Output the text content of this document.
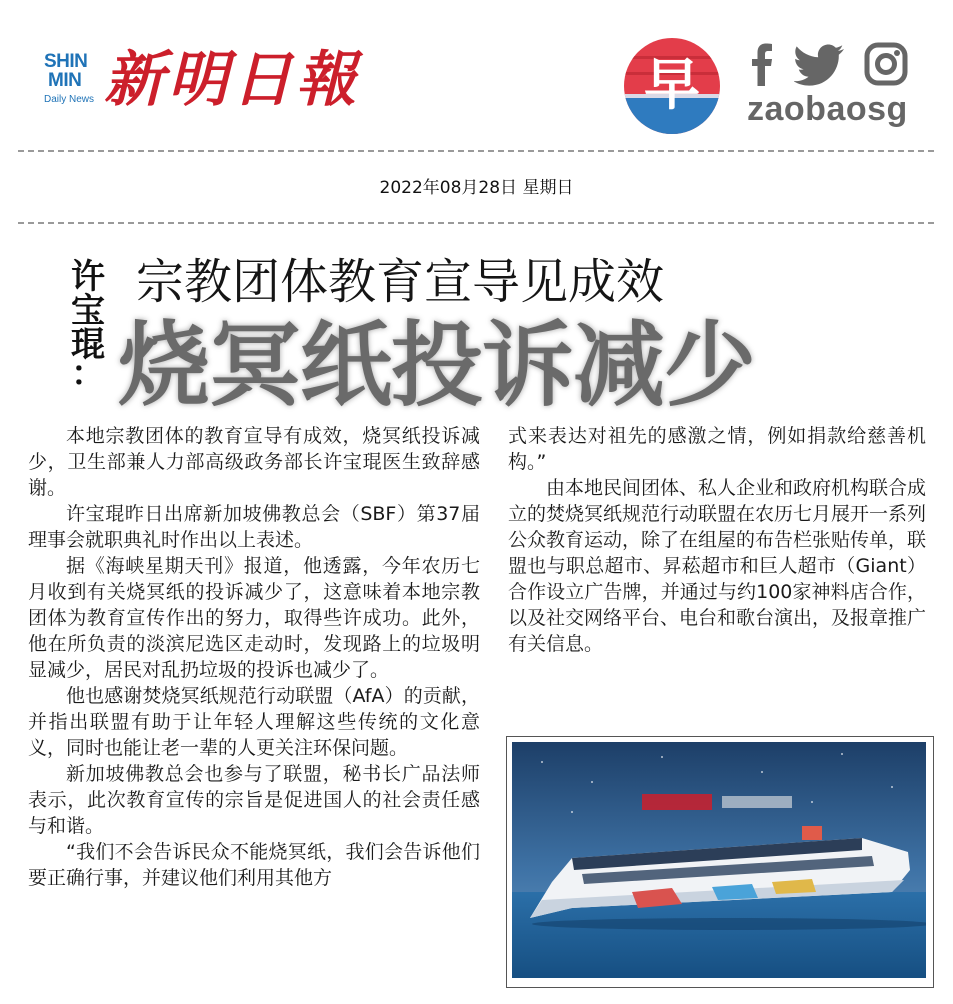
SHIN
MIN
Daily News 新明日報	早	zaobaosg
2022年08月28日 星期日
许
宝
琨
：
宗教团体教育宣导见成效
烧冥纸投诉减少

本地宗教团体的教育宣导有成效，烧冥纸投诉减少，卫生部兼人力部高级政务部长许宝琨医生致辞感谢。

许宝琨昨日出席新加坡佛教总会（SBF）第37届理事会就职典礼时作出以上表述。

据《海峡星期天刊》报道，他透露，今年农历七月收到有关烧冥纸的投诉减少了，这意味着本地宗教团体为教育宣传作出的努力，取得些许成功。此外，他在所负责的淡滨尼选区走动时，发现路上的垃圾明显减少，居民对乱扔垃圾的投诉也减少了。

他也感谢焚烧冥纸规范行动联盟（AfA）的贡献，并指出联盟有助于让年轻人理解这些传统的文化意义，同时也能让老一辈的人更关注环保问题。

新加坡佛教总会也参与了联盟，秘书长广品法师表示，此次教育宣传的宗旨是促进国人的社会责任感与和谐。

“我们不会告诉民众不能烧冥纸，我们会告诉他们要正确行事，并建议他们利用其他方

式来表达对祖先的感激之情，例如捐款给慈善机构。”

由本地民间团体、私人企业和政府机构联合成立的焚烧冥纸规范行动联盟在农历七月展开一系列公众教育运动，除了在组屋的布告栏张贴传单，联盟也与职总超市、昇菘超市和巨人超市（Giant）合作设立广告牌，并通过与约100家神料店合作，以及社交网络平台、电台和歌台演出，及报章推广有关信息。
